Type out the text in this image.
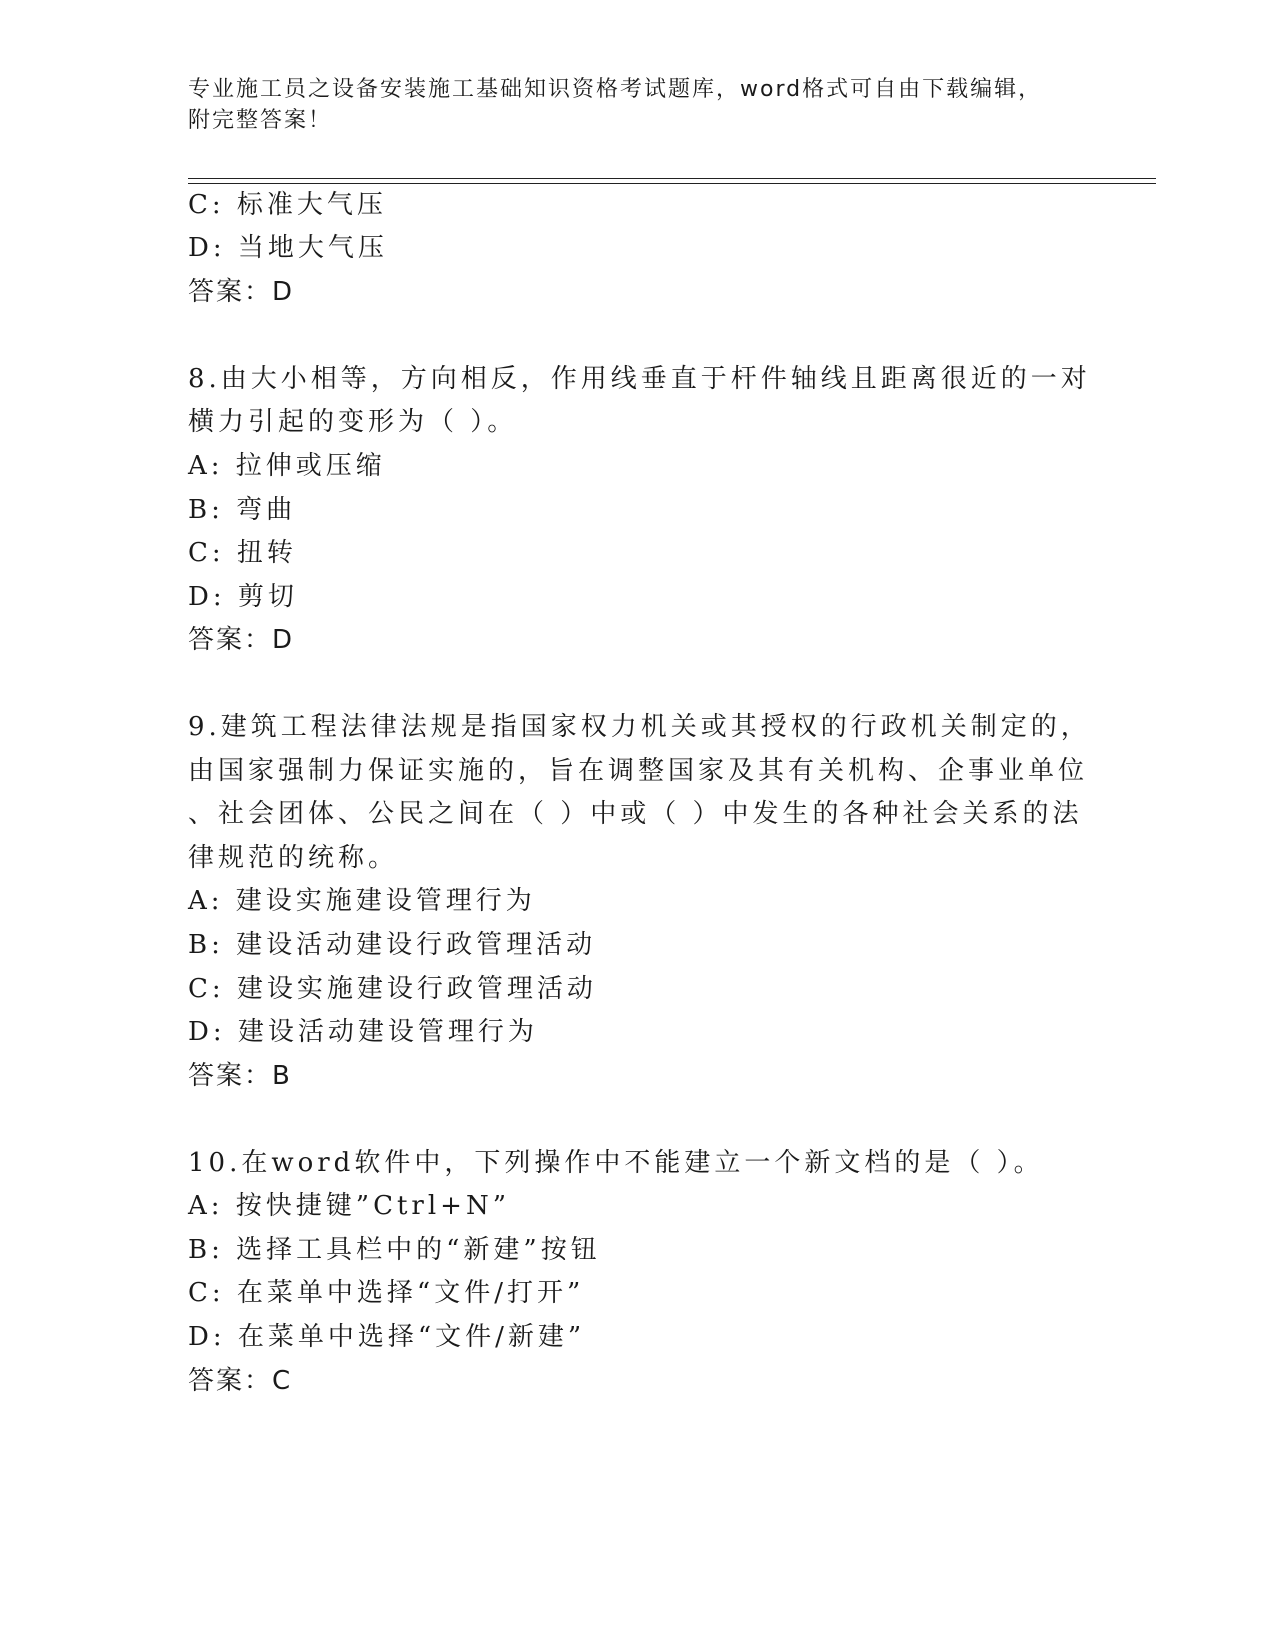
专业施工员之设备安装施工基础知识资格考试题库，word格式可自由下载编辑，
附完整答案！
C: 标准大气压
D: 当地大气压
答案：D
8.由大小相等，方向相反，作用线垂直于杆件轴线且距离很近的一对
横力引起的变形为（ ）。
A: 拉伸或压缩
B: 弯曲
C: 扭转
D: 剪切
答案：D
9.建筑工程法律法规是指国家权力机关或其授权的行政机关制定的，
由国家强制力保证实施的，旨在调整国家及其有关机构、企事业单位
、社会团体、公民之间在（ ）中或（ ）中发生的各种社会关系的法
律规范的统称。
A: 建设实施建设管理行为
B: 建设活动建设行政管理活动
C: 建设实施建设行政管理活动
D: 建设活动建设管理行为
答案：B
10.在word软件中，下列操作中不能建立一个新文档的是（ ）。
A: 按快捷键”Ctrl+N”
B: 选择工具栏中的“新建”按钮
C: 在菜单中选择“文件/打开”
D: 在菜单中选择“文件/新建”
答案：C
